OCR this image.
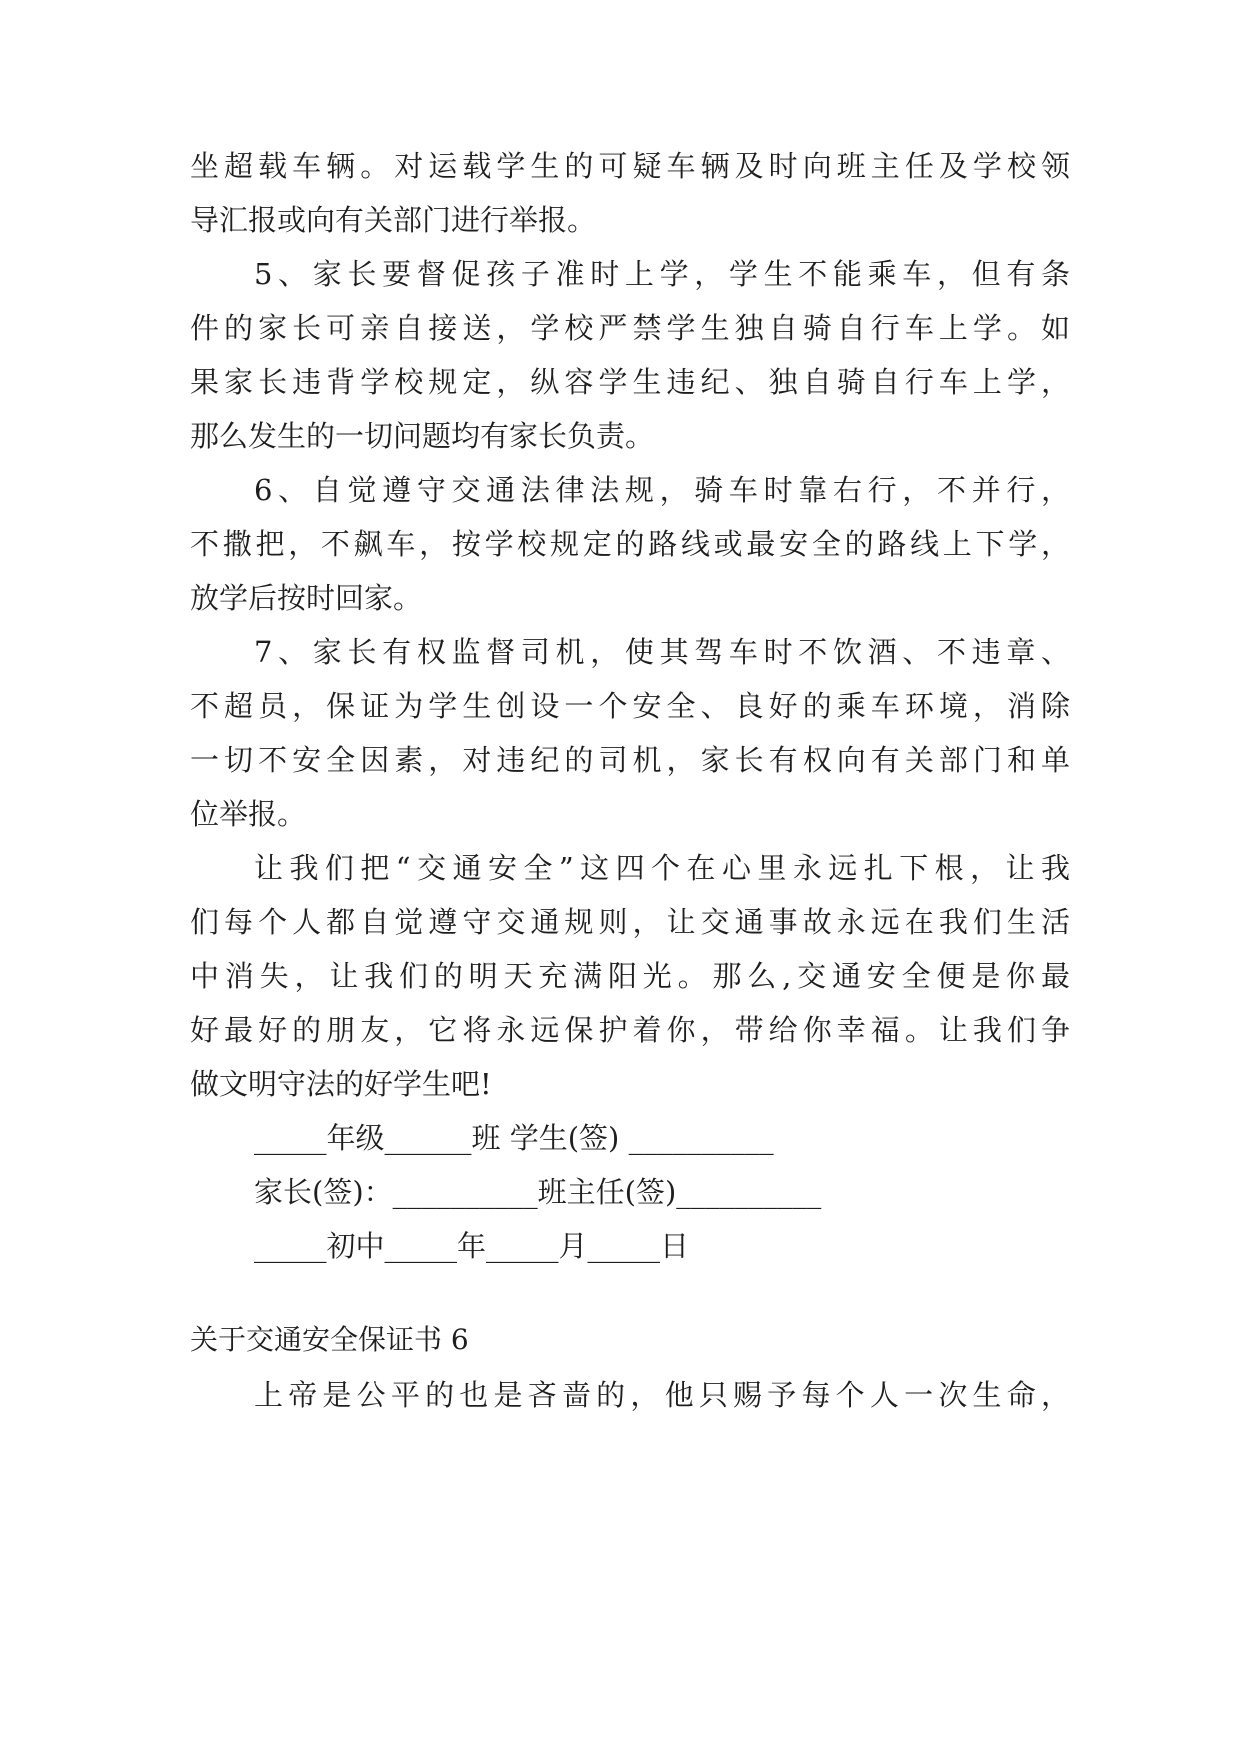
坐超载车辆。对运载学生的可疑车辆及时向班主任及学校领
导汇报或向有关部门进行举报。
5、家长要督促孩子准时上学，学生不能乘车，但有条
件的家长可亲自接送，学校严禁学生独自骑自行车上学。如
果家长违背学校规定，纵容学生违纪、独自骑自行车上学，
那么发生的一切问题均有家长负责。
6、自觉遵守交通法律法规，骑车时靠右行，不并行，
不撒把，不飙车，按学校规定的路线或最安全的路线上下学，
放学后按时回家。
7、家长有权监督司机，使其驾车时不饮酒、不违章、
不超员，保证为学生创设一个安全、良好的乘车环境，消除
一切不安全因素，对违纪的司机，家长有权向有关部门和单
位举报。
让我们把“交通安全”这四个在心里永远扎下根，让我
们每个人都自觉遵守交通规则，让交通事故永远在我们生活
中消失，让我们的明天充满阳光。那么,交通安全便是你最
好最好的朋友，它将永远保护着你，带给你幸福。让我们争
做文明守法的好学生吧!
_____年级______班 学生(签) __________
家长(签)：__________班主任(签)__________
_____初中_____年_____月_____日
关于交通安全保证书 6
上帝是公平的也是吝啬的，他只赐予每个人一次生命，
